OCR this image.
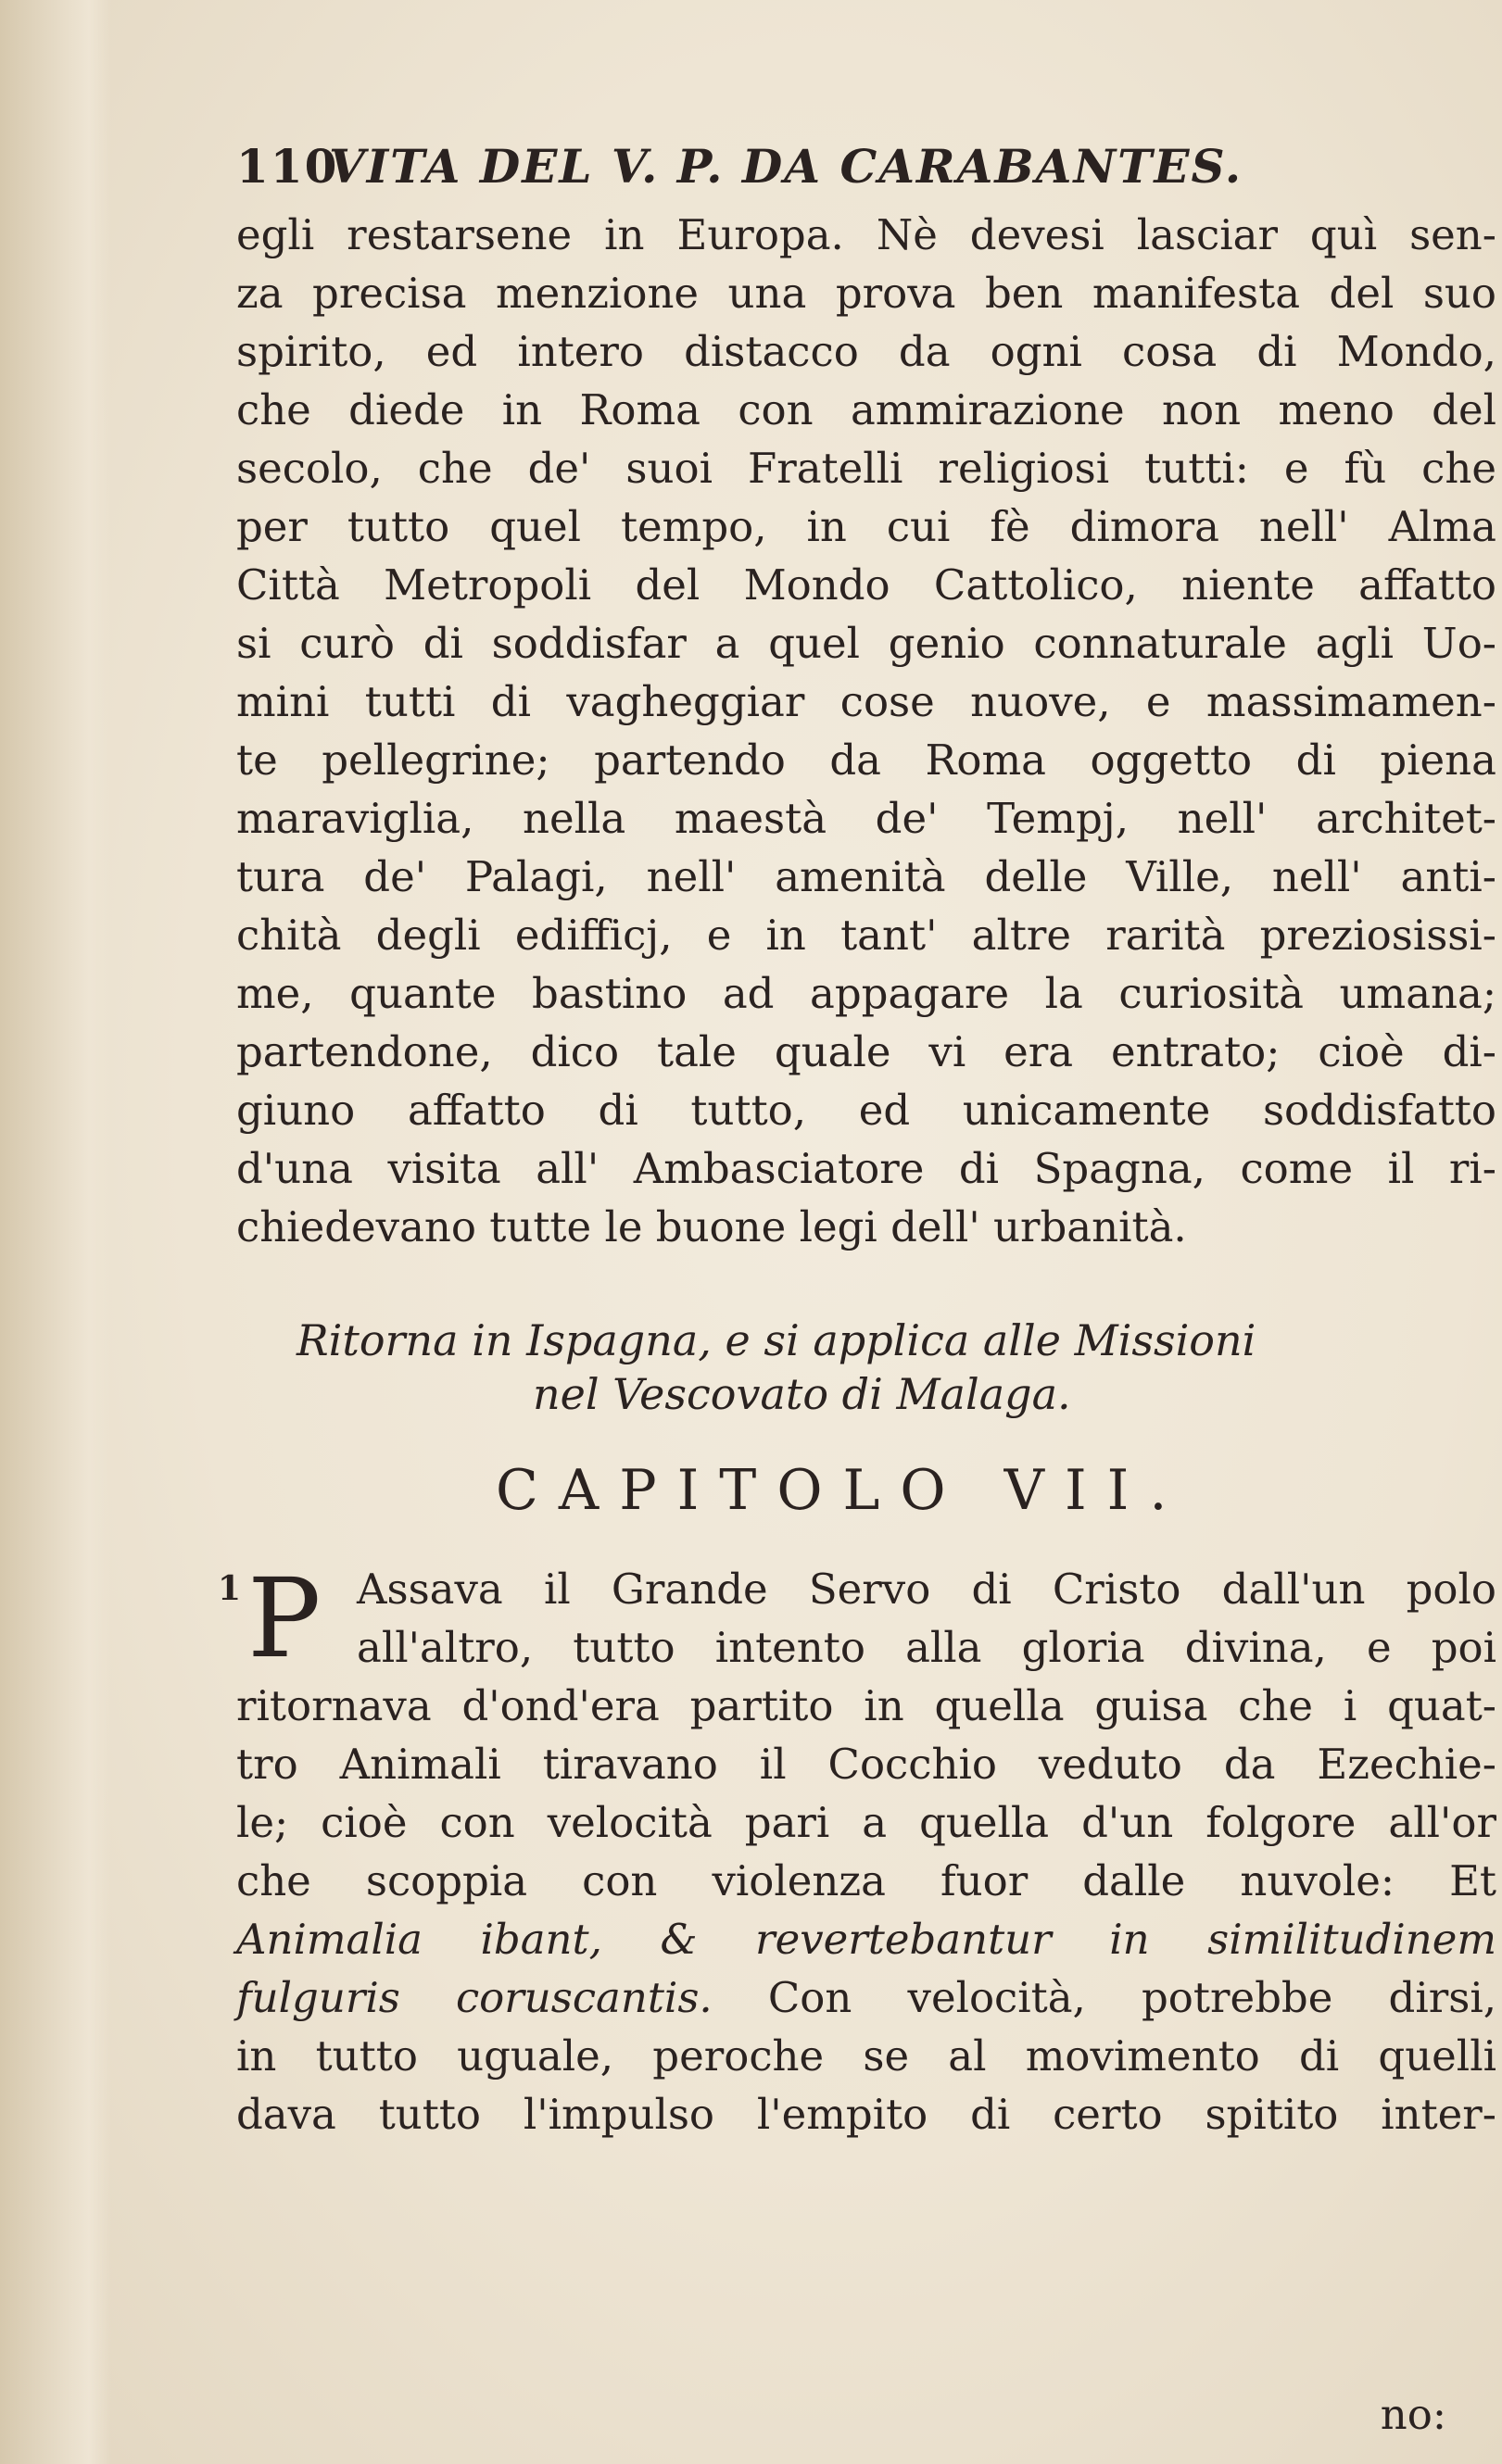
110
VITA DEL V. P. DA CARABANTES.
egli restarsene in Europa. Nè devesi lasciar quì sen-
za precisa menzione una prova ben manifesta del suo
spirito, ed intero distacco da ogni cosa di Mondo,
che diede in Roma con ammirazione non meno del
secolo, che de' suoi Fratelli religiosi tutti: e fù che
per tutto quel tempo, in cui fè dimora nell' Alma
Città Metropoli del Mondo Cattolico, niente affatto
si curò di soddisfar a quel genio connaturale agli Uo-
mini tutti di vagheggiar cose nuove, e massimamen-
te pellegrine; partendo da Roma oggetto di piena
maraviglia, nella maestà de' Tempj, nell' architet-
tura de' Palagi, nell' amenità delle Ville, nell' anti-
chità degli edifficj, e in tant' altre rarità preziosissi-
me, quante bastino ad appagare la curiosità umana;
partendone, dico tale quale vi era entrato; cioè di-
giuno affatto di tutto, ed unicamente soddisfatto
d'una visita all' Ambasciatore di Spagna, come il ri-
chiedevano tutte le buone legi dell' urbanità.
Ritorna in Ispagna, e si applica alle Missioni
nel Vescovato di Malaga.
CAPITOLO VII.
1 P Assava il Grande Servo di Cristo dall'un polo
all'altro, tutto intento alla gloria divina, e poi
ritornava d'ond'era partito in quella guisa che i quat-
tro Animali tiravano il Cocchio veduto da Ezechie-
le; cioè con velocità pari a quella d'un folgore all'or
che scoppia con violenza fuor dalle nuvole: Et
Animalia ibant, & revertebantur in similitudinem
fulguris coruscantis. Con velocità, potrebbe dirsi,
in tutto uguale, peroche se al movimento di quelli
dava tutto l'impulso l'empito di certo spitito inter-
no:
